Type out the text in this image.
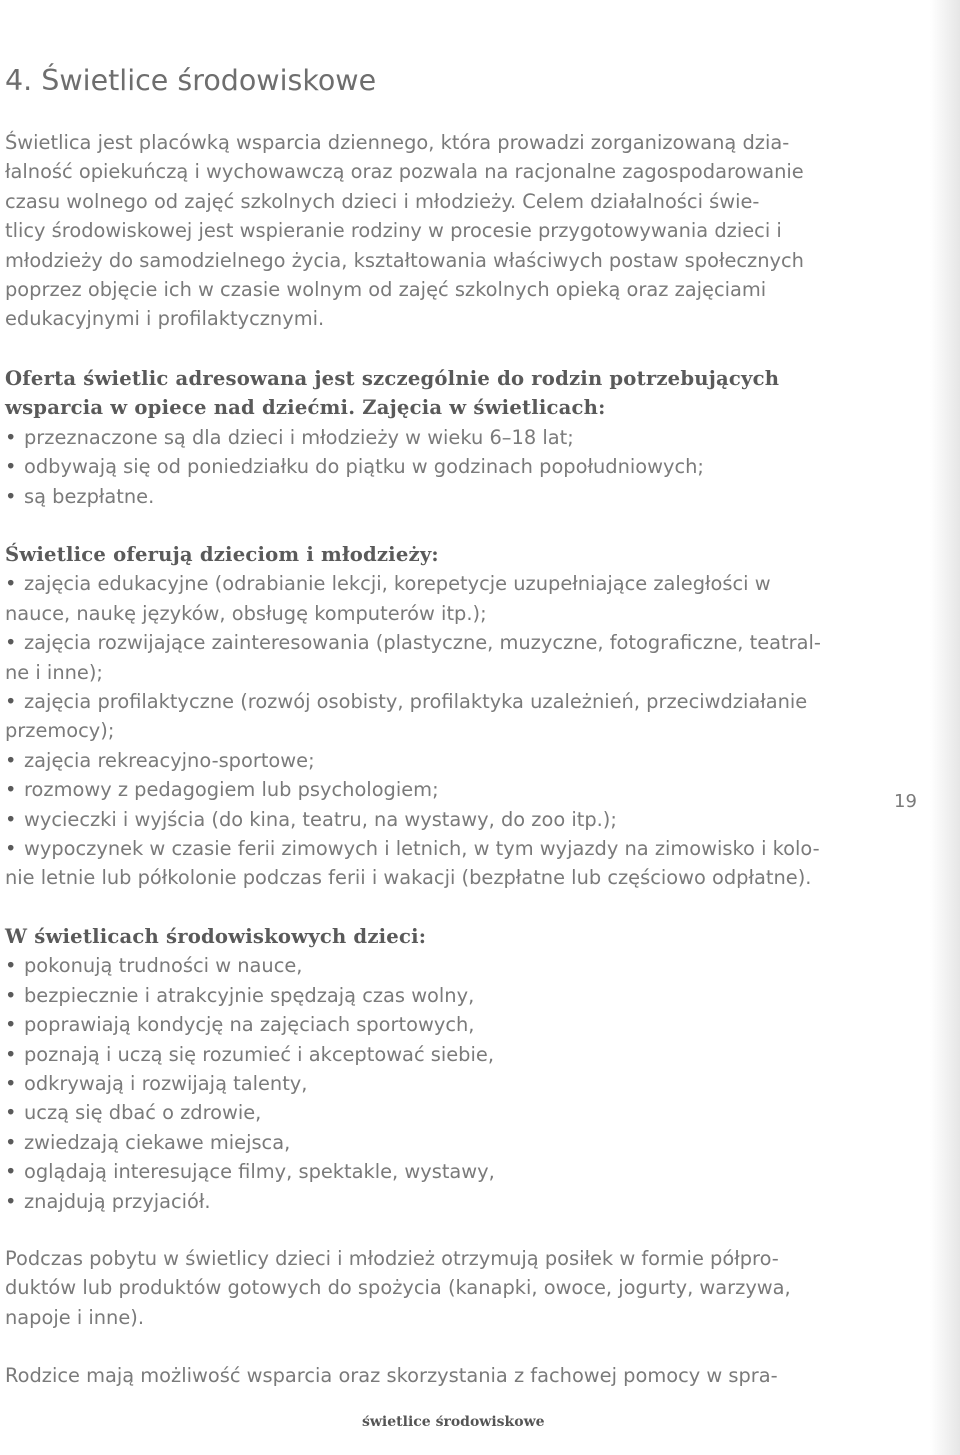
19
4. Świetlice środowiskowe
Świetlica jest placówką wsparcia dziennego, która prowadzi zorganizowaną dzia-
łalność opiekuńczą i wychowawczą oraz pozwala na racjonalne zagospodarowanie
czasu wolnego od zajęć szkolnych dzieci i młodzieży. Celem działalności świe-
tlicy środowiskowej jest wspieranie rodziny w procesie przygotowywania dzieci i
młodzieży do samodzielnego życia, kształtowania właściwych postaw społecznych
poprzez objęcie ich w czasie wolnym od zajęć szkolnych opieką oraz zajęciami
edukacyjnymi i profilaktycznymi.
Oferta świetlic adresowana jest szczególnie do rodzin potrzebujących
wsparcia w opiece nad dziećmi. Zajęcia w świetlicach:
• przeznaczone są dla dzieci i młodzieży w wieku 6–18 lat;
• odbywają się od poniedziałku do piątku w godzinach popołudniowych;
• są bezpłatne.
Świetlice oferują dzieciom i młodzieży:
• zajęcia edukacyjne (odrabianie lekcji, korepetycje uzupełniające zaległości w
nauce, naukę języków, obsługę komputerów itp.);
• zajęcia rozwijające zainteresowania (plastyczne, muzyczne, fotograficzne, teatral-
ne i inne);
• zajęcia profilaktyczne (rozwój osobisty, profilaktyka uzależnień, przeciwdziałanie
przemocy);
• zajęcia rekreacyjno-sportowe;
• rozmowy z pedagogiem lub psychologiem;
• wycieczki i wyjścia (do kina, teatru, na wystawy, do zoo itp.);
• wypoczynek w czasie ferii zimowych i letnich, w tym wyjazdy na zimowisko i kolo-
nie letnie lub półkolonie podczas ferii i wakacji (bezpłatne lub częściowo odpłatne).
W świetlicach środowiskowych dzieci:
• pokonują trudności w nauce,
• bezpiecznie i atrakcyjnie spędzają czas wolny,
• poprawiają kondycję na zajęciach sportowych,
• poznają i uczą się rozumieć i akceptować siebie,
• odkrywają i rozwijają talenty,
• uczą się dbać o zdrowie,
• zwiedzają ciekawe miejsca,
• oglądają interesujące filmy, spektakle, wystawy,
• znajdują przyjaciół.
Podczas pobytu w świetlicy dzieci i młodzież otrzymują posiłek w formie półpro-
duktów lub produktów gotowych do spożycia (kanapki, owoce, jogurty, warzywa,
napoje i inne).
Rodzice mają możliwość wsparcia oraz skorzystania z fachowej pomocy w spra-
świetlice środowiskowe
